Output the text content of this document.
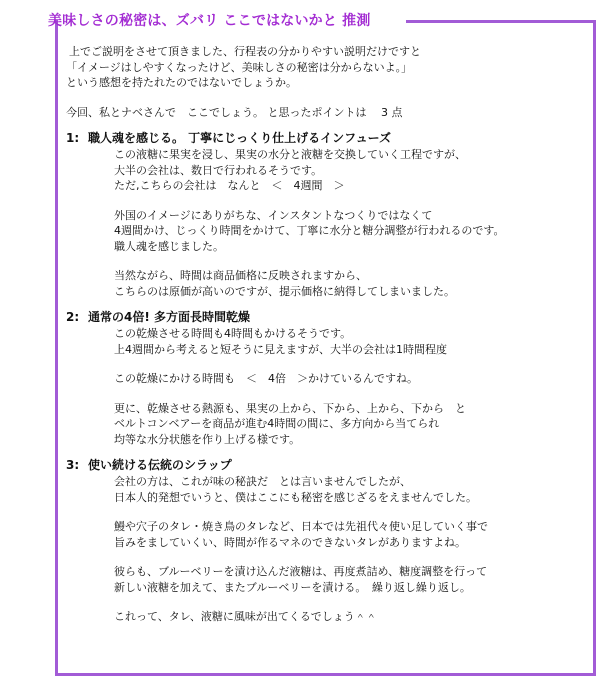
美味しさの秘密は、ズバリ ここではないかと 推測

上でご説明をさせて頂きました、行程表の分かりやすい説明だけですと

「イメージはしやすくなったけど、美味しさの秘密は分からないよ。」

という感想を持たれたのではないでしょうか。

今回、私とナベさんで　ここでしょう。 と思ったポイントは　 3 点

1: 職人魂を感じる。 丁寧にじっくり仕上げるインフューズ

この液糖に果実を浸し、果実の水分と液糖を交換していく工程ですが、

大半の会社は、数日で行われるそうです。

ただ,こちらの会社は　なんと　＜　4週間　＞

外国のイメージにありがちな、インスタントなつくりではなくて

4週間かけ、じっくり時間をかけて、丁寧に水分と糖分調整が行われるのです。

職人魂を感じました。

当然ながら、時間は商品価格に反映されますから、

こちらのは原価が高いのですが、提示価格に納得してしまいました。

2: 通常の4倍! 多方面長時間乾燥

この乾燥させる時間も4時間もかけるそうです。

上4週間から考えると短そうに見えますが、大半の会社は1時間程度

この乾燥にかける時間も　＜　4倍　＞かけているんですね。

更に、乾燥させる熱源も、果実の上から、下から、上から、下から　と

ベルトコンベアーを商品が進む4時間の間に、多方向から当てられ

均等な水分状態を作り上げる様です。

3: 使い続ける伝統のシラップ

会社の方は、これが味の秘訣だ　とは言いませんでしたが、

日本人的発想でいうと、僕はここにも秘密を感じざるをえませんでした。

鰻や穴子のタレ・焼き鳥のタレなど、日本では先祖代々使い足していく事で

旨みをましていくい、時間が作るマネのできないタレがありますよね。

彼らも、ブルーベリーを漬け込んだ液糖は、再度煮詰め、糖度調整を行って

新しい液糖を加えて、またブルーベリーを漬ける。　繰り返し繰り返し。

これって、タレ、液糖に風味が出てくるでしょう＾＾
